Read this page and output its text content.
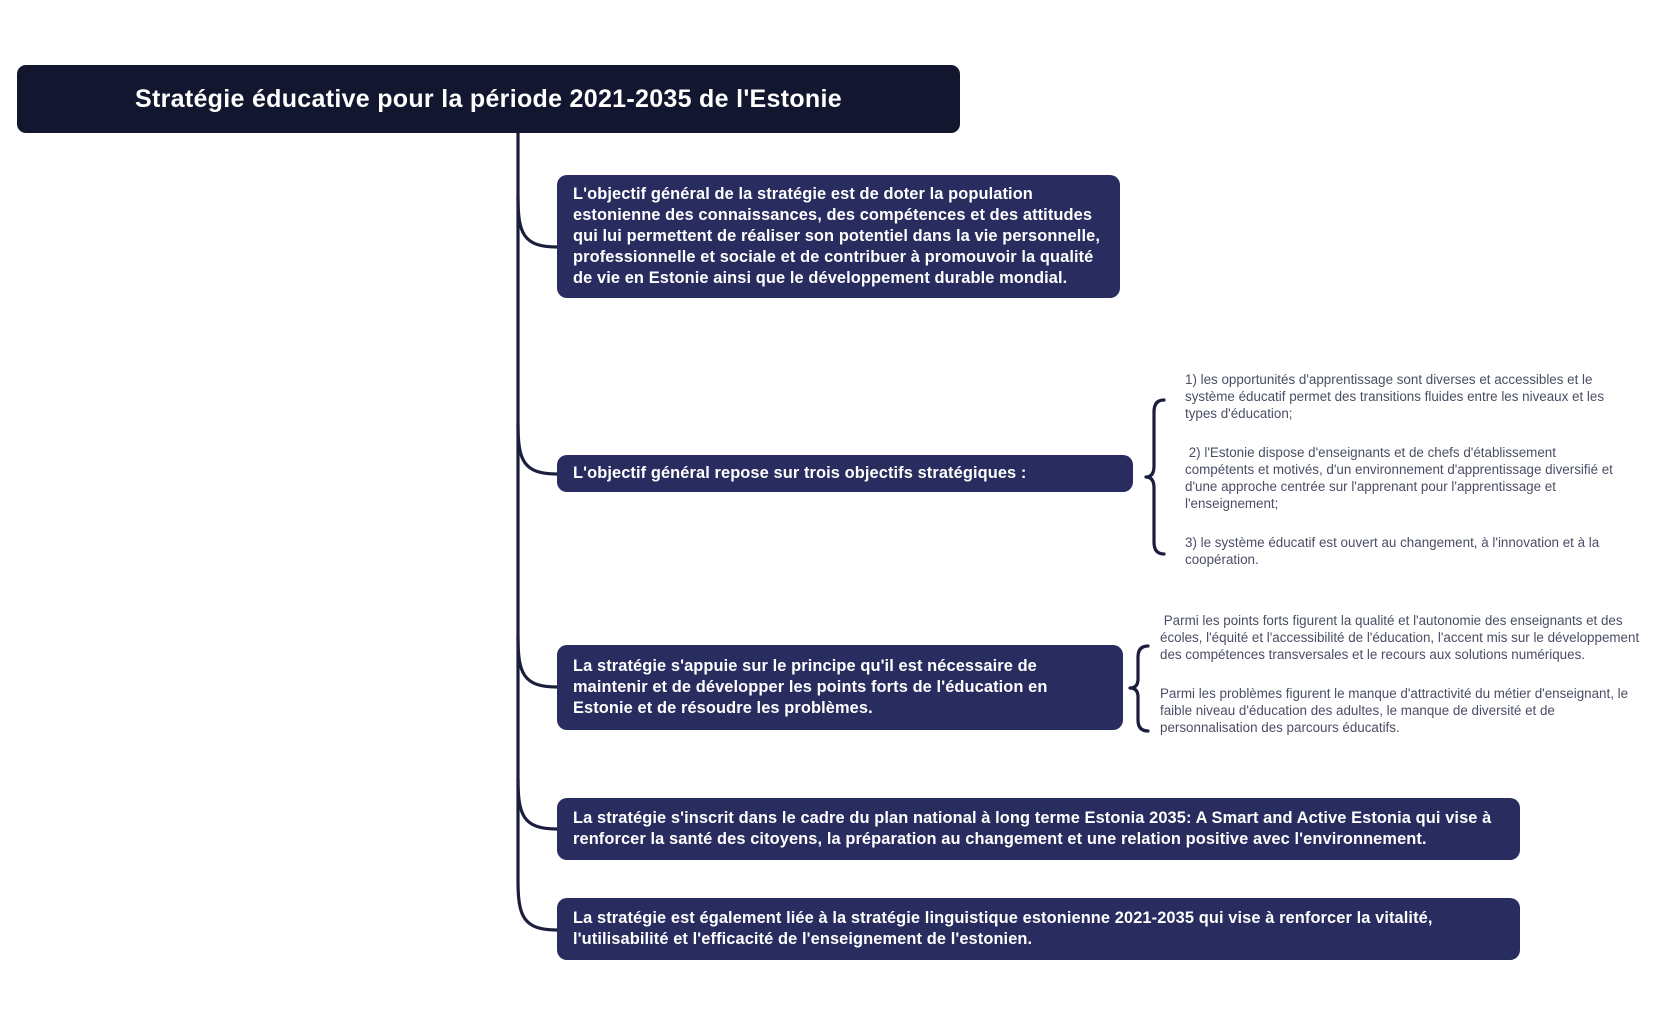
Stratégie éducative pour la période 2021-2035 de l'Estonie
L'objectif général de la stratégie est de doter la population estonienne des connaissances, des compétences et des attitudes qui lui permettent de réaliser son potentiel dans la vie personnelle, professionnelle et sociale et de contribuer à promouvoir la qualité de vie en Estonie ainsi que le développement durable mondial.
L'objectif général repose sur trois objectifs stratégiques :
1) les opportunités d'apprentissage sont diverses et accessibles et le système éducatif permet des transitions fluides entre les niveaux et les types d'éducation;
2) l'Estonie dispose d'enseignants et de chefs d'établissement compétents et motivés, d'un environnement d'apprentissage diversifié et d'une approche centrée sur l'apprenant pour l'apprentissage et l'enseignement;
3) le système éducatif est ouvert au changement, à l'innovation et à la coopération.
La stratégie s'appuie sur le principe qu'il est nécessaire de maintenir et de développer les points forts de l'éducation en Estonie et de résoudre les problèmes.
Parmi les points forts figurent la qualité et l'autonomie des enseignants et des écoles, l'équité et l'accessibilité de l'éducation, l'accent mis sur le développement des compétences transversales et le recours aux solutions numériques.
Parmi les problèmes figurent le manque d'attractivité du métier d'enseignant, le faible niveau d'éducation des adultes, le manque de diversité et de personnalisation des parcours éducatifs.
La stratégie s'inscrit dans le cadre du plan national à long terme Estonia 2035: A Smart and Active Estonia qui vise à renforcer la santé des citoyens, la préparation au changement et une relation positive avec l'environnement.
La stratégie est également liée à la stratégie linguistique estonienne 2021-2035 qui vise à renforcer la vitalité, l'utilisabilité et l'efficacité de l'enseignement de l'estonien.
